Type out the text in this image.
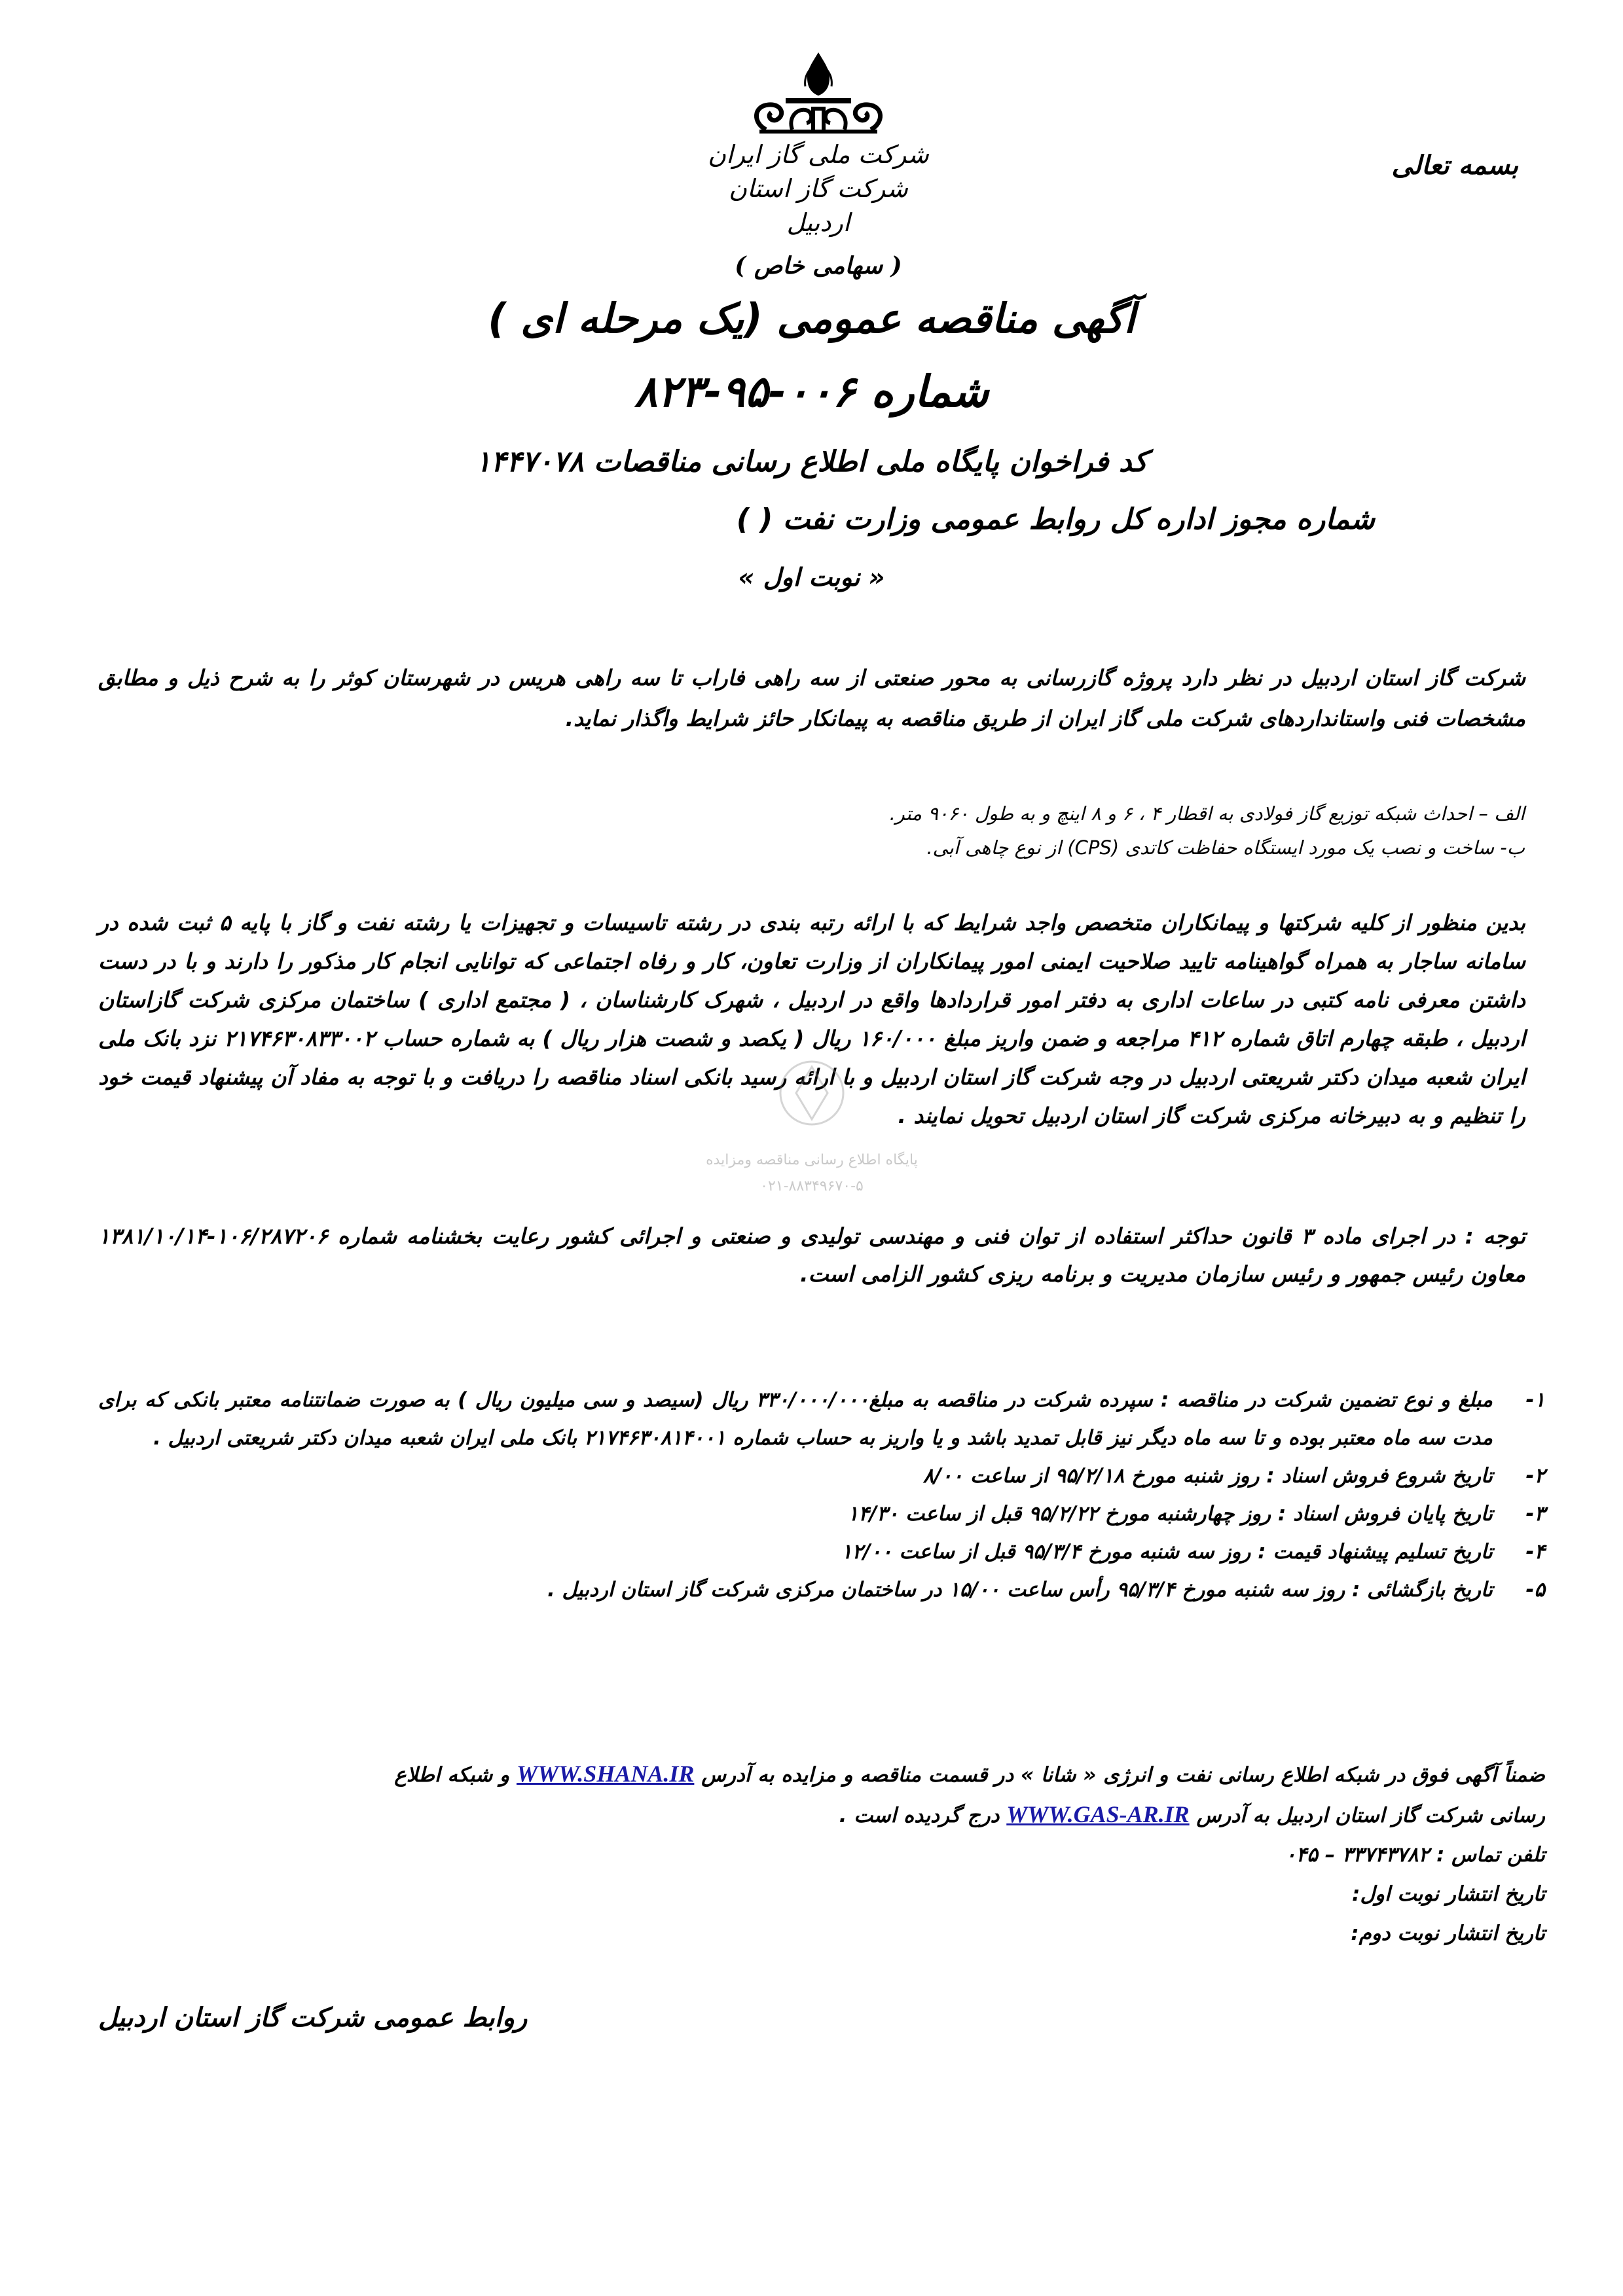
بسمه تعالی
شرکت ملی گاز ایران
شرکت گاز استان اردبیل
( سهامی خاص )
آگهی مناقصه عمومی (یک مرحله ای )
شماره ۰۰۶-۹۵-۸۲۳
کد فراخوان پایگاه ملی اطلاع رسانی مناقصات ۱۴۴۷۰۷۸
شماره مجوز اداره کل روابط عمومی وزارت نفت ( )
« نوبت اول »
شرکت گاز استان اردبیل در نظر دارد پروژه گازرسانی به محور صنعتی از سه راهی فاراب تا سه راهی هریس در شهرستان کوثر را به شرح ذیل و مطابق مشخصات فنی واستانداردهای شرکت ملی گاز ایران از طریق مناقصه به پیمانکار حائز شرایط واگذار نماید.
الف – احداث شبکه توزیع گاز فولادی به اقطار ۴ ، ۶ و ۸ اینچ و به طول ۹۰۶۰ متر.
ب- ساخت و نصب یک مورد ایستگاه حفاظت کاتدی (CPS) از نوع چاهی آبی.
بدین منظور از کلیه شرکتها و پیمانکاران متخصص واجد شرایط که با ارائه رتبه بندی در رشته تاسیسات و تجهیزات یا رشته نفت و گاز با پایه ۵ ثبت شده در سامانه ساجار به همراه گواهینامه تایید صلاحیت ایمنی امور پیمانکاران از وزارت تعاون، کار و رفاه اجتماعی که توانایی انجام کار مذکور را دارند و با در دست داشتن معرفی نامه کتبی در ساعات اداری به دفتر امور قراردادها واقع در اردبیل ، شهرک کارشناسان ، ( مجتمع اداری ) ساختمان مرکزی شرکت گازاستان اردبیل ، طبقه چهارم اتاق شماره ۴۱۲ مراجعه و ضمن واریز مبلغ ۱۶۰/۰۰۰ ریال ( یکصد و شصت هزار ریال ) به شماره حساب ۲۱۷۴۶۳۰۸۳۳۰۰۲ نزد بانک ملی ایران شعبه میدان دکتر شریعتی اردبیل در وجه شرکت گاز استان اردبیل و با ارائه رسید بانکی اسناد مناقصه را دریافت و با توجه به مفاد آن پیشنهاد قیمت خود را تنظیم و به دبیرخانه مرکزی شرکت گاز استان اردبیل تحویل نمایند .
پایگاه اطلاع رسانی مناقصه ومزایده
۰۲۱-۸۸۳۴۹۶۷۰-۵
توجه : در اجرای ماده ۳ قانون حداکثر استفاده از توان فنی و مهندسی تولیدی و صنعتی و اجرائی کشور رعایت بخشنامه شماره ۱۰۶/۲۸۷۲۰۶-۱۳۸۱/۱۰/۱۴ معاون رئیس جمهور و رئیس سازمان مدیریت و برنامه ریزی کشور الزامی است.
۱-
مبلغ و نوع تضمین شرکت در مناقصه : سپرده شرکت در مناقصه به مبلغ۳۳۰/۰۰۰/۰۰۰ ریال (سیصد و سی میلیون ریال ) به صورت ضمانتنامه معتبر بانکی که برای مدت سه ماه معتبر بوده و تا سه ماه دیگر نیز قابل تمدید باشد و یا واریز به حساب شماره ۲۱۷۴۶۳۰۸۱۴۰۰۱ بانک ملی ایران شعبه میدان دکتر شریعتی اردبیل .
۲-
تاریخ شروع فروش اسناد : روز شنبه مورخ ۹۵/۲/۱۸ از ساعت ۸/۰۰
۳-
تاریخ پایان فروش اسناد : روز چهارشنبه مورخ ۹۵/۲/۲۲ قبل از ساعت ۱۴/۳۰
۴-
تاریخ تسلیم پیشنهاد قیمت : روز سه شنبه مورخ ۹۵/۳/۴ قبل از ساعت ۱۲/۰۰
۵-
تاریخ بازگشائی : روز سه شنبه مورخ ۹۵/۳/۴ رأس ساعت ۱۵/۰۰ در ساختمان مرکزی شرکت گاز استان اردبیل .
ضمناً آگهی فوق در شبکه اطلاع رسانی نفت و انرژی « شانا » در قسمت مناقصه و مزایده به آدرس WWW.SHANA.IR و شبکه اطلاع
رسانی شرکت گاز استان اردبیل به آدرس WWW.GAS-AR.IR درج گردیده است .
تلفن تماس : ۳۳۷۴۳۷۸۲ – ۰۴۵
تاریخ انتشار نوبت اول:
تاریخ انتشار نوبت دوم:
روابط عمومی شرکت گاز استان اردبیل
